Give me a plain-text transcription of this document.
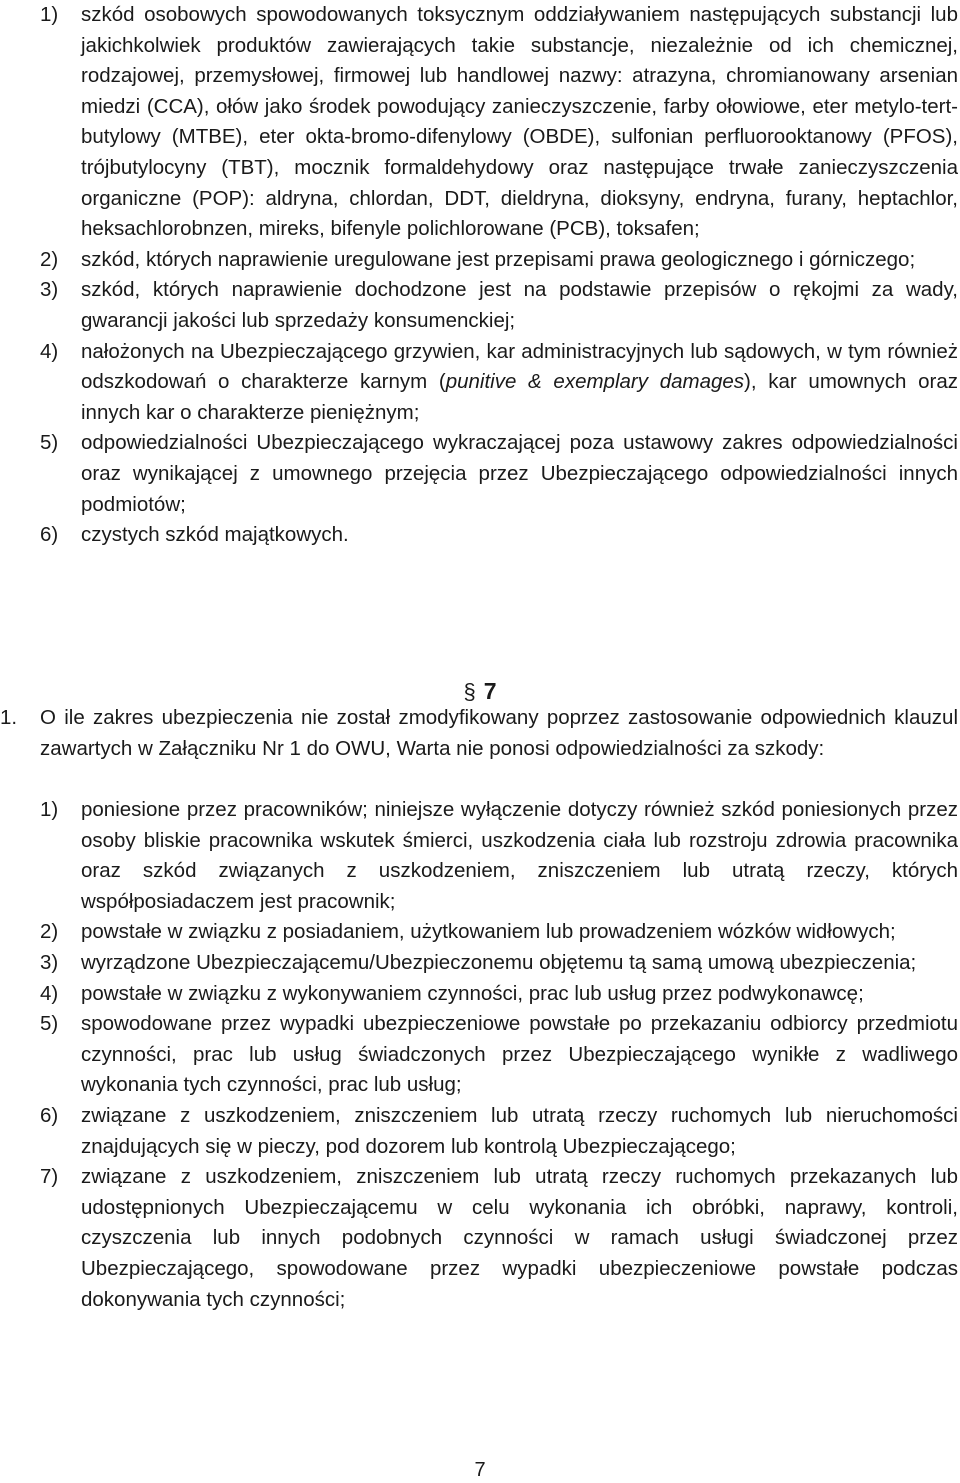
1) szkód osobowych spowodowanych toksycznym oddziaływaniem następujących substancji lub jakichkolwiek produktów zawierających takie substancje, niezależnie od ich chemicznej, rodzajowej, przemysłowej, firmowej lub handlowej nazwy: atrazyna, chromianowany arsenian miedzi (CCA), ołów jako środek powodujący zanieczyszczenie, farby ołowiowe, eter metylo-tert-butylowy (MTBE), eter okta-bromo-difenylowy (OBDE), sulfonian perfluorooktanowy (PFOS), trójbutylocyny (TBT), mocznik formaldehydowy oraz następujące trwałe zanieczyszczenia organiczne (POP): aldryna, chlordan, DDT, dieldryna, dioksyny, endryna, furany, heptachlor, heksachlorobnzen, mireks, bifenyle polichlorowane (PCB), toksafen;
2) szkód, których naprawienie uregulowane jest przepisami prawa geologicznego i górniczego;
3) szkód, których naprawienie dochodzone jest na podstawie przepisów o rękojmi za wady, gwarancji jakości lub sprzedaży konsumenckiej;
4) nałożonych na Ubezpieczającego grzywien, kar administracyjnych lub sądowych, w tym również odszkodowań o charakterze karnym (punitive & exemplary damages), kar umownych oraz innych kar o charakterze pieniężnym;
5) odpowiedzialności Ubezpieczającego wykraczającej poza ustawowy zakres odpowiedzialności oraz wynikającej z umownego przejęcia przez Ubezpieczającego odpowiedzialności innych podmiotów;
6) czystych szkód majątkowych.
§ 7
1. O ile zakres ubezpieczenia nie został zmodyfikowany poprzez zastosowanie odpowiednich klauzul zawartych w Załączniku Nr 1 do OWU, Warta nie ponosi odpowiedzialności za szkody:
1) poniesione przez pracowników; niniejsze wyłączenie dotyczy również szkód poniesionych przez osoby bliskie pracownika wskutek śmierci, uszkodzenia ciała lub rozstroju zdrowia pracownika oraz szkód związanych z uszkodzeniem, zniszczeniem lub utratą rzeczy, których współposiadaczem jest pracownik;
2) powstałe w związku z posiadaniem, użytkowaniem lub prowadzeniem wózków widłowych;
3) wyrządzone Ubezpieczającemu/Ubezpieczonemu objętemu tą samą umową ubezpieczenia;
4) powstałe w związku z wykonywaniem czynności, prac lub usług przez podwykonawcę;
5) spowodowane przez wypadki ubezpieczeniowe powstałe po przekazaniu odbiorcy przedmiotu czynności, prac lub usług świadczonych przez Ubezpieczającego wynikłe z wadliwego wykonania tych czynności, prac lub usług;
6) związane z uszkodzeniem, zniszczeniem lub utratą rzeczy ruchomych lub nieruchomości znajdujących się w pieczy, pod dozorem lub kontrolą Ubezpieczającego;
7) związane z uszkodzeniem, zniszczeniem lub utratą rzeczy ruchomych przekazanych lub udostępnionych Ubezpieczającemu w celu wykonania ich obróbki, naprawy, kontroli, czyszczenia lub innych podobnych czynności w ramach usługi świadczonej przez Ubezpieczającego, spowodowane przez wypadki ubezpieczeniowe powstałe podczas dokonywania tych czynności;
7
